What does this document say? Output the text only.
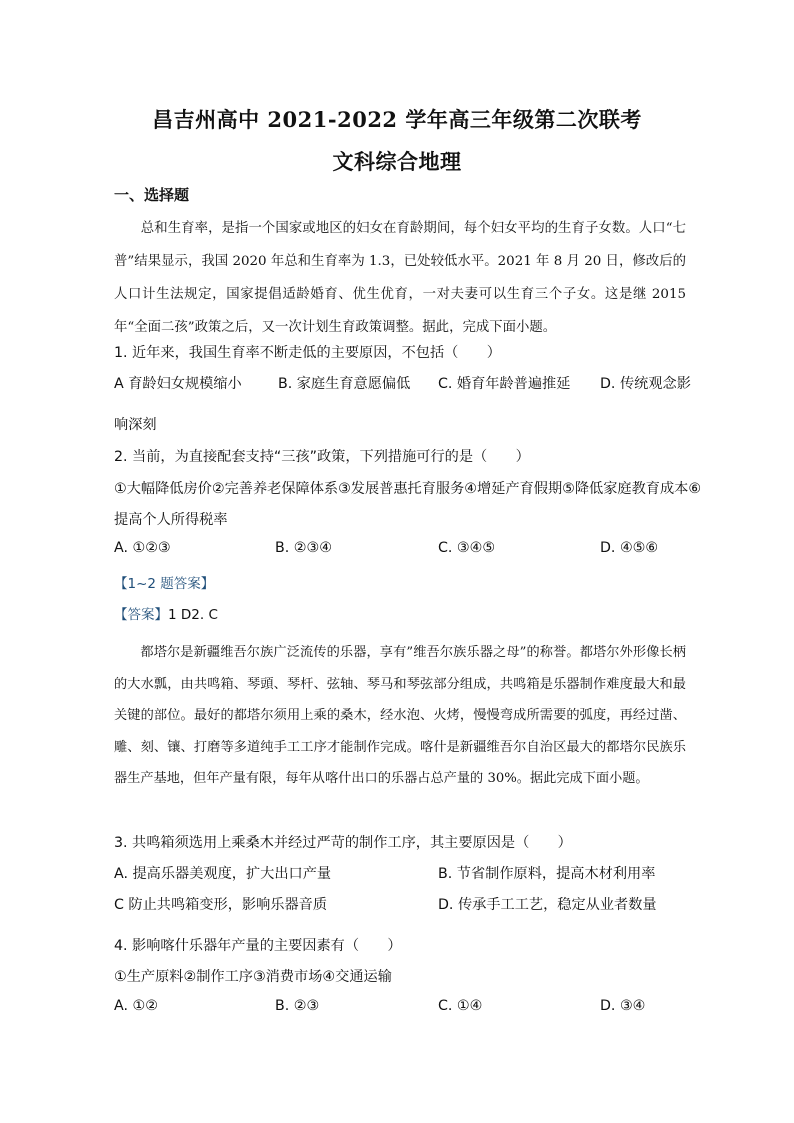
昌吉州高中 2021-2022 学年高三年级第二次联考
文科综合地理
一、选择题

总和生育率，是指一个国家或地区的妇女在育龄期间，每个妇女平均的生育子女数。人口“七普”结果显示，我国 2020 年总和生育率为 1.3，已处较低水平。2021 年 8 月 20 日，修改后的人口计生法规定，国家提倡适龄婚育、优生优育，一对夫妻可以生育三个子女。这是继 2015 年“全面二孩”政策之后，又一次计划生育政策调整。据此，完成下面小题。

1. 近年来，我国生育率不断走低的主要原因，不包括（　　）
A 育龄妇女规模缩小	B. 家庭生育意愿偏低 C. 婚育年龄普遍推延 D. 传统观念影
响深刻
2. 当前，为直接配套支持“三孩”政策，下列措施可行的是（　　）
①大幅降低房价②完善养老保障体系③发展普惠托育服务④增延产育假期⑤降低家庭教育成本⑥
提高个人所得税率
A. ①②③	B. ②③④	C. ③④⑤	D. ④⑤⑥
【1~2 题答案】
【答案】1 D2. C

都塔尔是新疆维吾尔族广泛流传的乐器，享有”维吾尔族乐器之母”的称誉。都塔尔外形像长柄的大水瓢，由共鸣箱、琴頭、琴杆、弦轴、琴马和琴弦部分组成，共鸣箱是乐器制作难度最大和最关键的部位。最好的都塔尔须用上乘的桑木，经水泡、火烤，慢慢弯成所需要的弧度，再经过凿、雕、刻、镶、打磨等多道纯手工工序才能制作完成。喀什是新疆维吾尔自治区最大的都塔尔民族乐器生产基地，但年产量有限，每年从喀什出口的乐器占总产量的 30%。据此完成下面小题。

3. 共鸣箱须选用上乘桑木并经过严苛的制作工序，其主要原因是（　　）
A. 提高乐器美观度，扩大出口产量	B. 节省制作原料，提高木材利用率
C 防止共鸣箱变形，影响乐器音质	D. 传承手工工艺，稳定从业者数量
4. 影响喀什乐器年产量的主要因素有（　　）
①生产原料②制作工序③消费市场④交通运输
A. ①②	B. ②③	C. ①④	D. ③④
